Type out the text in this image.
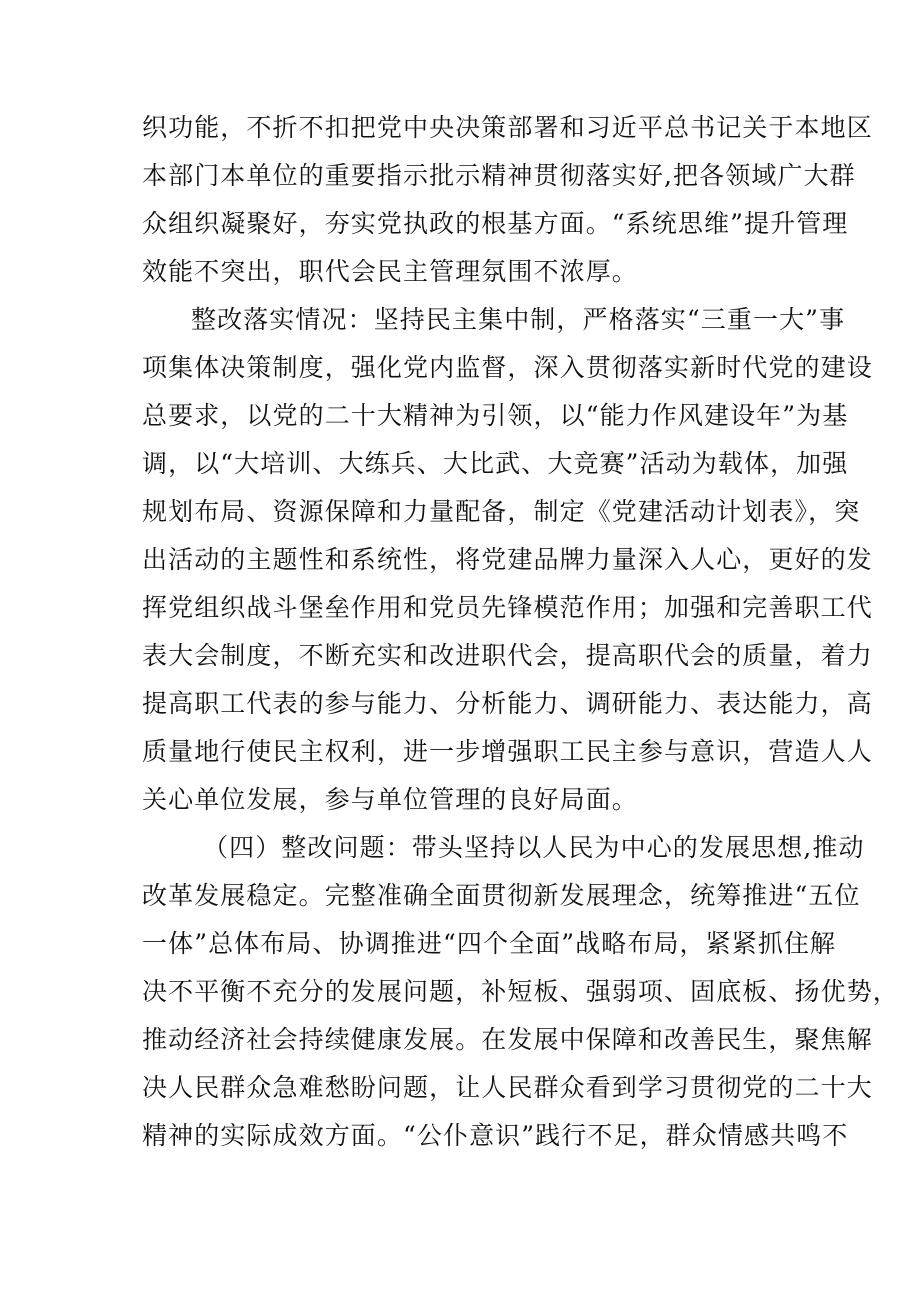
织功能，不折不扣把党中央决策部署和习近平总书记关于本地区
本部门本单位的重要指示批示精神贯彻落实好,把各领域广大群
众组织凝聚好，夯实党执政的根基方面。“系统思维”提升管理
效能不突出，职代会民主管理氛围不浓厚。
整改落实情况：坚持民主集中制，严格落实“三重一大”事
项集体决策制度，强化党内监督，深入贯彻落实新时代党的建设
总要求，以党的二十大精神为引领，以“能力作风建设年”为基
调，以“大培训、大练兵、大比武、大竞赛”活动为载体，加强
规划布局、资源保障和力量配备，制定《党建活动计划表》，突
出活动的主题性和系统性，将党建品牌力量深入人心，更好的发
挥党组织战斗堡垒作用和党员先锋模范作用；加强和完善职工代
表大会制度，不断充实和改进职代会，提高职代会的质量，着力
提高职工代表的参与能力、分析能力、调研能力、表达能力，高
质量地行使民主权利，进一步增强职工民主参与意识，营造人人
关心单位发展，参与单位管理的良好局面。
（四）整改问题：带头坚持以人民为中心的发展思想,推动
改革发展稳定。完整准确全面贯彻新发展理念，统筹推进“五位
一体”总体布局、协调推进“四个全面”战略布局，紧紧抓住解
决不平衡不充分的发展问题，补短板、强弱项、固底板、扬优势，
推动经济社会持续健康发展。在发展中保障和改善民生，聚焦解
决人民群众急难愁盼问题，让人民群众看到学习贯彻党的二十大
精神的实际成效方面。“公仆意识”践行不足，群众情感共鸣不
